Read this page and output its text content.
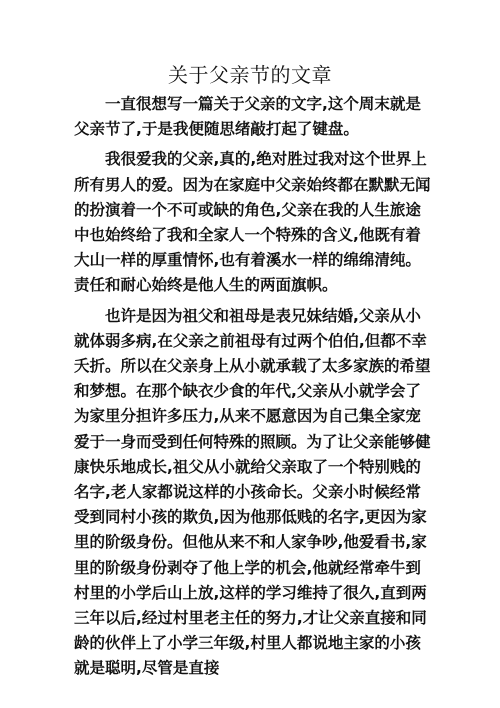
关于父亲节的文章

一直很想写一篇关于父亲的文字,这个周末就是父亲节了,于是我便随思绪敲打起了键盘。

我很爱我的父亲,真的,绝对胜过我对这个世界上所有男人的爱。因为在家庭中父亲始终都在默默无闻的扮演着一个不可或缺的角色,父亲在我的人生旅途中也始终给了我和全家人一个特殊的含义,他既有着大山一样的厚重情怀,也有着溪水一样的绵绵清纯。责任和耐心始终是他人生的两面旗帜。

也许是因为祖父和祖母是表兄妹结婚,父亲从小就体弱多病,在父亲之前祖母有过两个伯伯,但都不幸夭折。所以在父亲身上从小就承载了太多家族的希望和梦想。在那个缺衣少食的年代,父亲从小就学会了为家里分担许多压力,从来不愿意因为自己集全家宠爱于一身而受到任何特殊的照顾。为了让父亲能够健康快乐地成长,祖父从小就给父亲取了一个特别贱的名字,老人家都说这样的小孩命长。父亲小时候经常受到同村小孩的欺负,因为他那低贱的名字,更因为家里的阶级身份。但他从来不和人家争吵,他爱看书,家里的阶级身份剥夺了他上学的机会,他就经常牵牛到村里的小学后山上放,这样的学习维持了很久,直到两三年以后,经过村里老主任的努力,才让父亲直接和同龄的伙伴上了小学三年级,村里人都说地主家的小孩就是聪明,尽管是直接
